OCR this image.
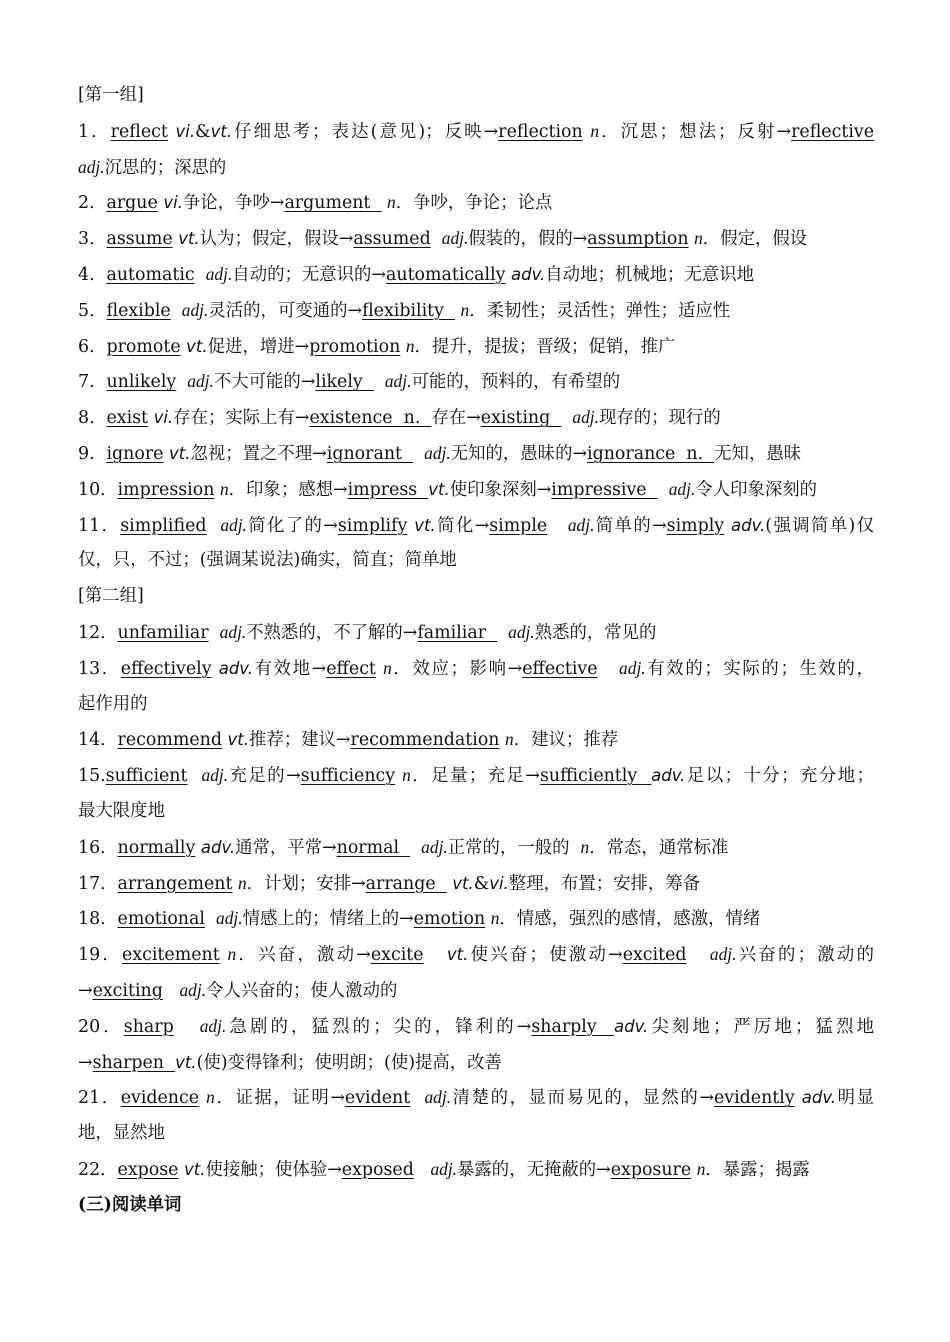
[第一组]
1．reflect vi.&vt.仔细思考；表达(意见)；反映→reflection n．沉思；想法；反射→reflective
adj.沉思的；深思的
2．argue vi.争论，争吵→argument   n．争吵，争论；论点
3．assume vt.认为；假定，假设→assumed adj.假装的，假的→assumption n．假定，假设
4．automatic adj.自动的；无意识的→automatically adv.自动地；机械地；无意识地
5．flexible adj.灵活的，可变通的→flexibility   n．柔韧性；灵活性；弹性；适应性
6．promote vt.促进，增进→promotion n．提升，提拔；晋级；促销，推广
7．unlikely adj.不大可能的→likely    adj.可能的，预料的，有希望的
8．exist vi.存在；实际上有→existence  n.  存在→existing    adj.现存的；现行的
9．ignore vt.忽视；置之不理→ignorant    adj.无知的，愚昧的→ignorance  n.  无知，愚昧
10．impression n．印象；感想→impress  vt.使印象深刻→impressive    adj.令人印象深刻的
11．simplified adj.简化了的→simplify vt.简化→simple adj.简单的→simply adv.(强调简单)仅
仅，只，不过；(强调某说法)确实，简直；简单地
[第二组]
12．unfamiliar adj.不熟悉的，不了解的→familiar    adj.熟悉的，常见的
13．effectively adv.有效地→effect n．效应；影响→effective adj.有效的；实际的；生效的，
起作用的
14．recommend vt.推荐；建议→recommendation n．建议；推荐
15.sufficient adj.充足的→sufficiency n．足量；充足→sufficiently  adv.足以；十分；充分地；
最大限度地
16．normally adv.通常，平常→normal    adj.正常的，一般的  n．常态，通常标准
17．arrangement n．计划；安排→arrange   vt.&vi.整理，布置；安排，筹备
18．emotional adj.情感上的；情绪上的→emotion n．情感，强烈的感情，感激，情绪
19．excitement n．兴奋，激动→excite vt.使兴奋；使激动→excited adj.兴奋的；激动的
→exciting adj.令人兴奋的；使人激动的
20．sharp adj.急剧的，猛烈的；尖的，锋利的→sharply  adv.尖刻地；严厉地；猛烈地
→sharpen  vt.(使)变得锋利；使明朗；(使)提高，改善
21．evidence n．证据，证明→evident adj.清楚的，显而易见的，显然的→evidently adv.明显
地，显然地
22．expose vt.使接触；使体验→exposed adj.暴露的，无掩蔽的→exposure n．暴露；揭露
(三)阅读单词
